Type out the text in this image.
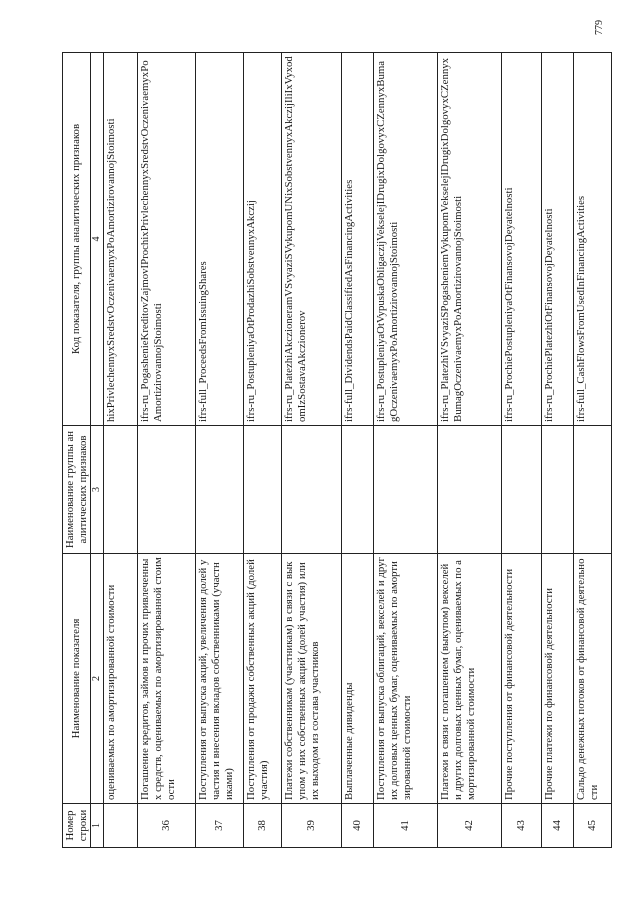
779
Номер строки	Наименование показателя	Наименование группы аналитических признаков	Код показателя, группы аналитических признаков
1	2	3	4
	оцениваемых по амортизированной стоимости		hixPrivlechennyxSredstvOczenivaemyxPoAmortizirovannojStoimosti
36	Погашение кредитов, займов и прочих привлеченных средств, оцениваемых по амортизированной стоимости		ifrs-ru_PogashenieKreditovZajmovIProchixPrivlechennyxSredstvOczenivaemyxPoAmortizirovannojStoimosti
37	Поступления от выпуска акций, увеличения долей участия и внесения вкладов собственниками (участниками)		ifrs-full_ProceedsFromIssuingShares
38	Поступления от продажи собственных акций (долей участия)		ifrs-ru_PostupleniyaOtProdazhiSobstvennyxAkczij
39	Платежи собственникам (участникам) в связи с выкупом у них собственных акций (долей участия) или их выходом из состава участников		ifrs-ru_PlatezhiAkczioneramVSvyaziSVykupomUNixSobstvennyxAkczijIliIxVyxodomIzSostavaAkczionerov
40	Выплаченные дивиденды		ifrs-full_DividendsPaidClassifiedAsFinancingActivities
41	Поступления от выпуска облигаций, векселей и других долговых ценных бумаг, оцениваемых по амортизированной стоимости		ifrs-ru_PostupleniyaOtVypuskaObligaczijVekselejIDrugixDolgovyxCZennyxBumagOczenivaemyxPoAmortizirovannojStoimosti
42	Платежи в связи с погашением (выкупом) векселей и других долговых ценных бумаг, оцениваемых по амортизированной стоимости		ifrs-ru_PlatezhiVSvyaziSPogasheniemVykupomVekselejIDrugixDolgovyxCZennyxBumagOczenivaemyxPoAmortizirovannojStoimosti
43	Прочие поступления от финансовой деятельности		ifrs-ru_ProchiePostupleniyaOtFinansovojDeyatelnosti
44	Прочие платежи по финансовой деятельности		ifrs-ru_ProchiePlatezhiOtFinansovojDeyatelnosti
45	Сальдо денежных потоков от финансовой деятельности		ifrs-full_CashFlowsFromUsedInFinancingActivities
